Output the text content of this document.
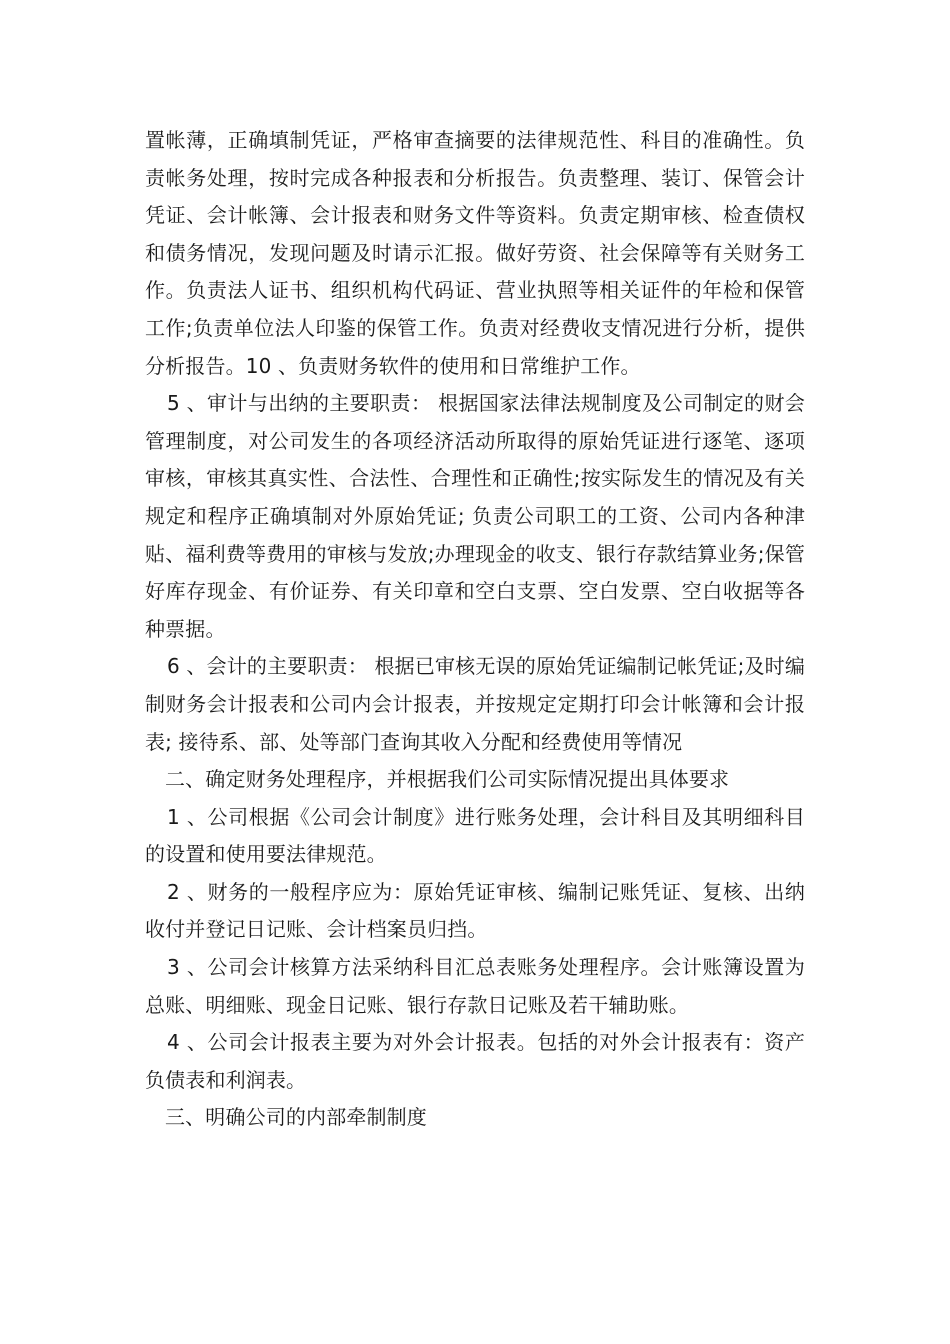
置帐薄，正确填制凭证，严格审查摘要的法律规范性、科目的准确性。负责帐务处理，按时完成各种报表和分析报告。负责整理、装订、保管会计凭证、会计帐簿、会计报表和财务文件等资料。负责定期审核、检查债权和债务情况，发现问题及时请示汇报。做好劳资、社会保障等有关财务工作。负责法人证书、组织机构代码证、营业执照等相关证件的年检和保管工作;负责单位法人印鉴的保管工作。负责对经费收支情况进行分析，提供分析报告。10 、负责财务软件的使用和日常维护工作。

5 、审计与出纳的主要职责： 根据国家法律法规制度及公司制定的财会管理制度，对公司发生的各项经济活动所取得的原始凭证进行逐笔、逐项审核，审核其真实性、合法性、合理性和正确性;按实际发生的情况及有关规定和程序正确填制对外原始凭证; 负责公司职工的工资、公司内各种津贴、福利费等费用的审核与发放;办理现金的收支、银行存款结算业务;保管好库存现金、有价证券、有关印章和空白支票、空白发票、空白收据等各种票据。

6 、会计的主要职责： 根据已审核无误的原始凭证编制记帐凭证;及时编制财务会计报表和公司内会计报表，并按规定定期打印会计帐簿和会计报表; 接待系、部、处等部门查询其收入分配和经费使用等情况

二、确定财务处理程序，并根据我们公司实际情况提出具体要求

1 、公司根据《公司会计制度》进行账务处理，会计科目及其明细科目的设置和使用要法律规范。

2 、财务的一般程序应为：原始凭证审核、编制记账凭证、复核、出纳收付并登记日记账、会计档案员归挡。

3 、公司会计核算方法采纳科目汇总表账务处理程序。会计账簿设置为总账、明细账、现金日记账、银行存款日记账及若干辅助账。

4 、公司会计报表主要为对外会计报表。包括的对外会计报表有：资产负债表和利润表。

三、明确公司的内部牵制制度
